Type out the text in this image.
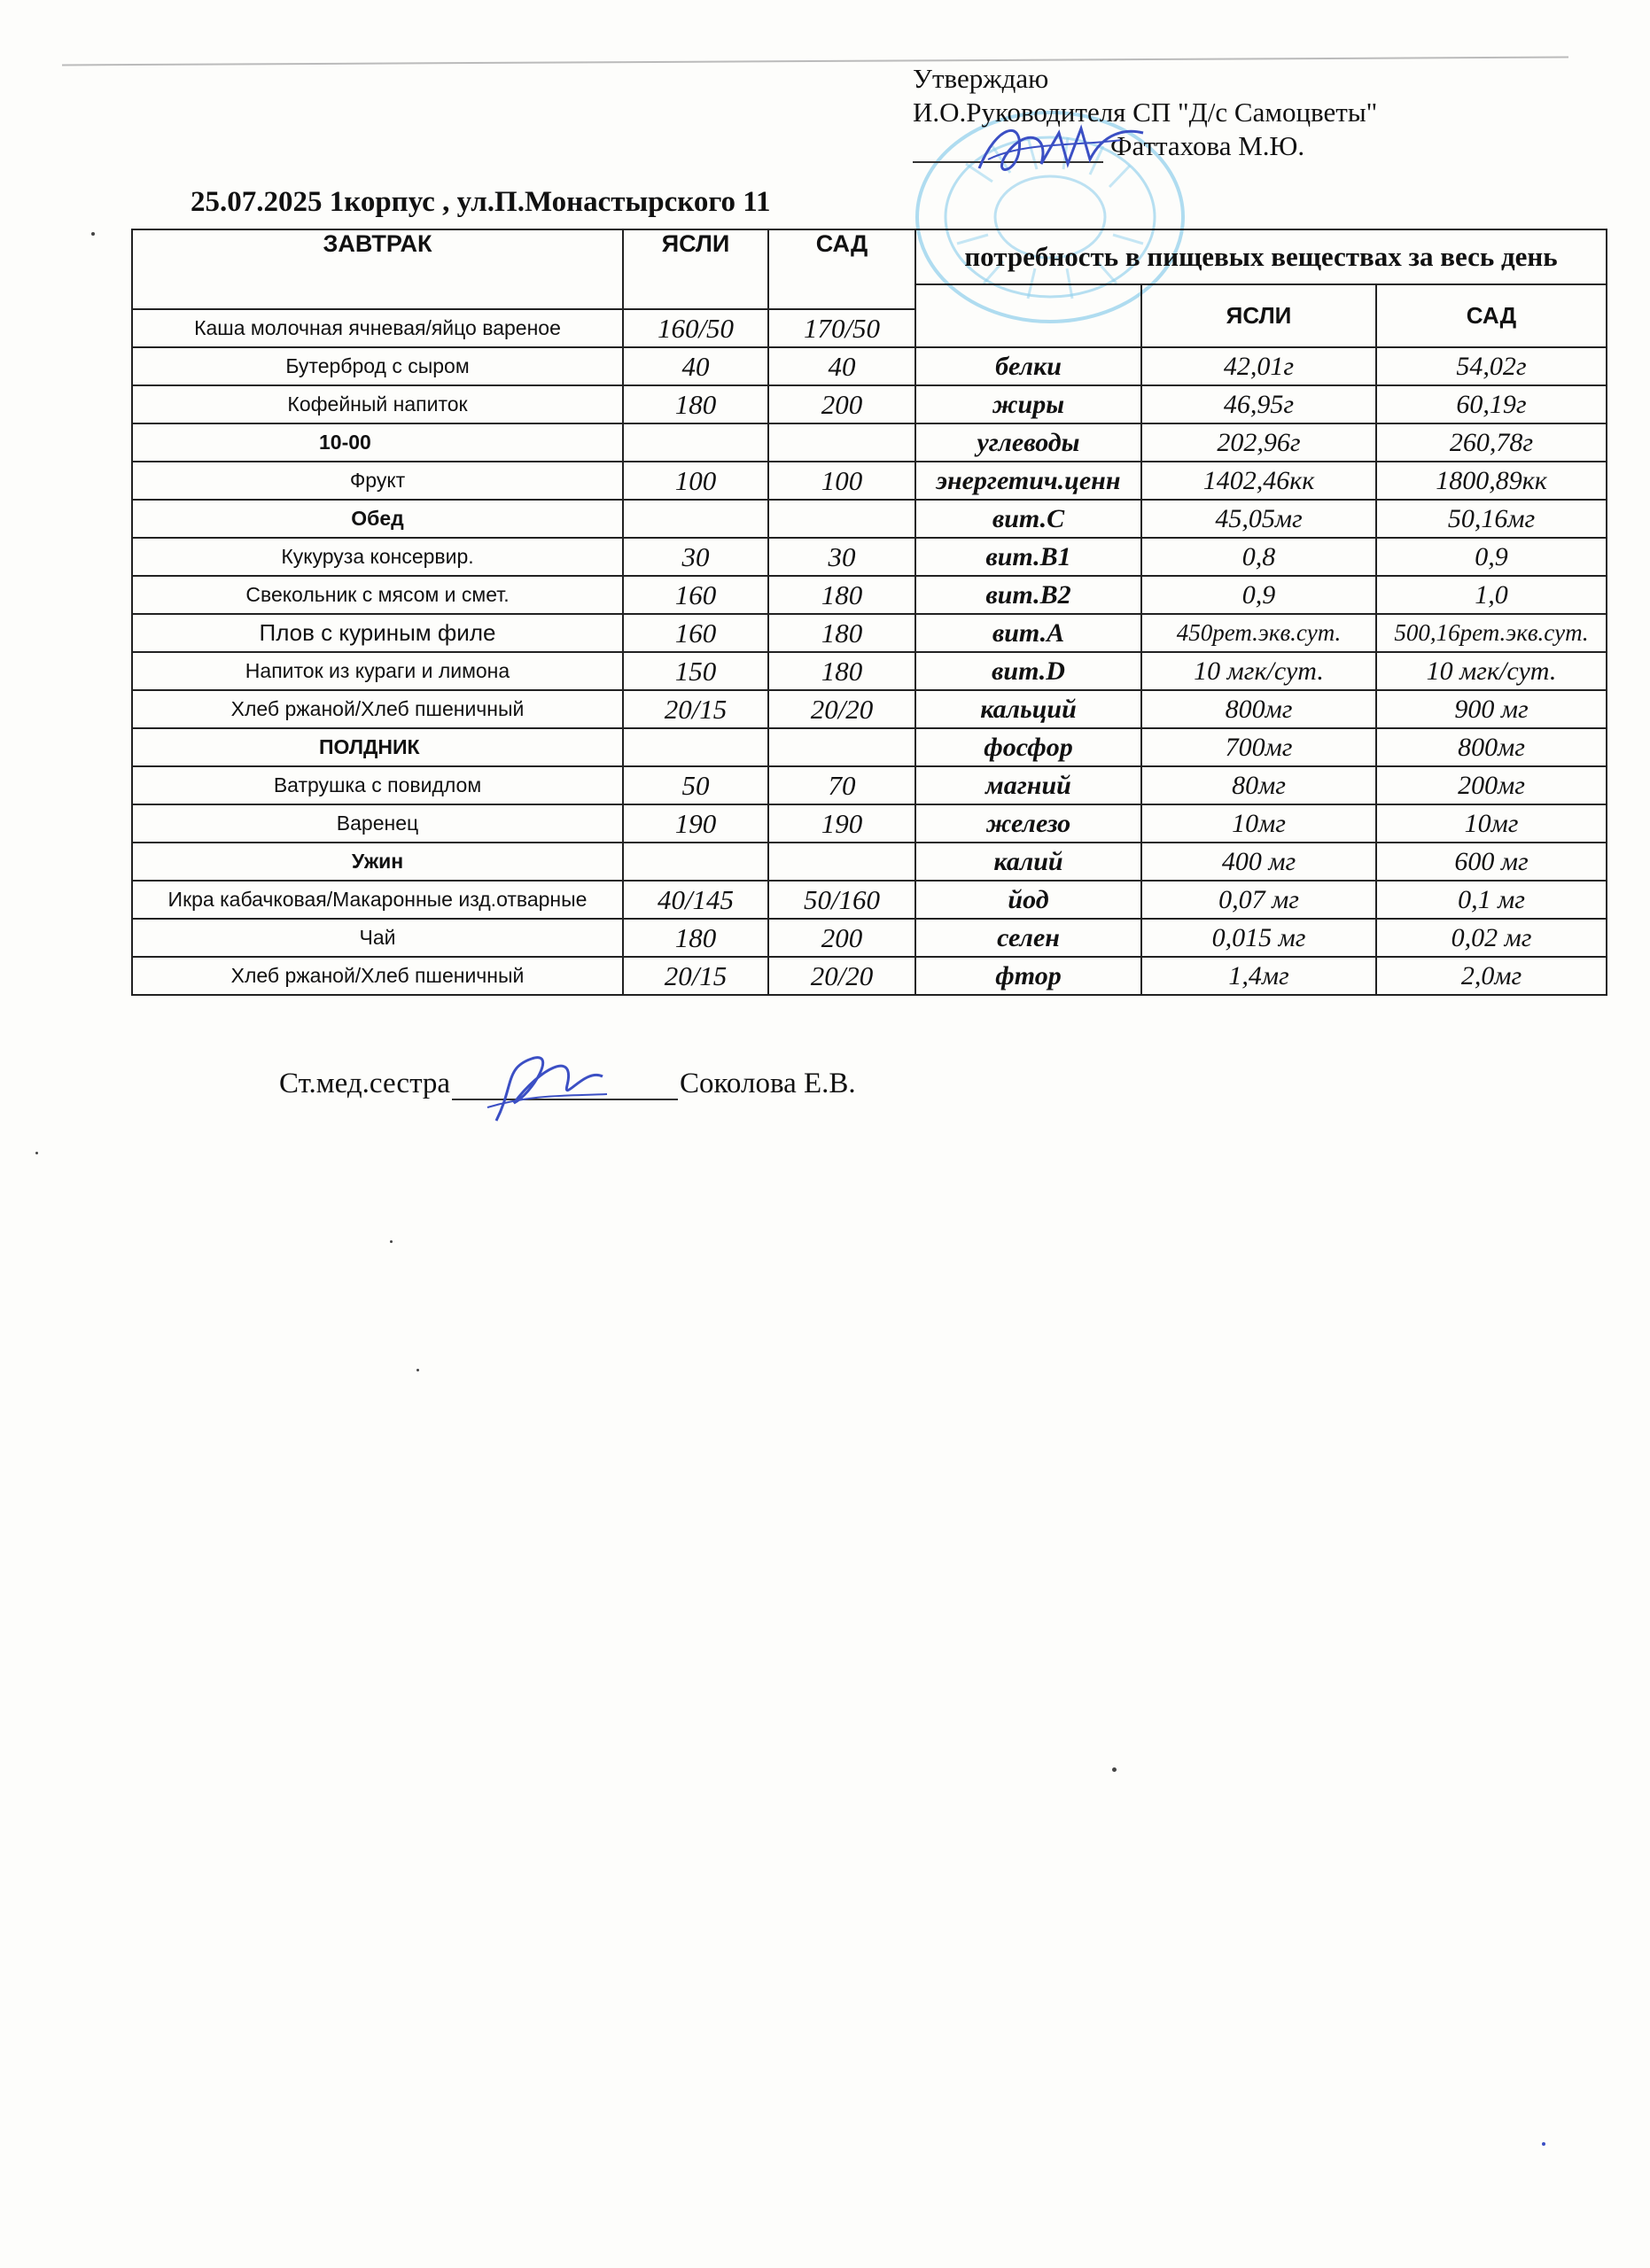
Утверждаю
И.О.Руководителя СП "Д/с Самоцветы"
Фаттахова М.Ю.
25.07.2025 1корпус , ул.П.Монастырского 11
ЗАВТРАК	ЯСЛИ	САД	потребность в пищевых веществах за весь день		
				ЯСЛИ	САД
Каша молочная ячневая/яйцо вареное	160/50	170/50			
Бутерброд с сыром	40	40	белки	42,01г	54,02г
Кофейный напиток	180	200	жиры	46,95г	60,19г
10-00			углеводы	202,96г	260,78г
Фрукт	100	100	энергетич.ценн	1402,46кк	1800,89кк
Обед			вит.С	45,05мг	50,16мг
Кукуруза консервир.	30	30	вит.В1	0,8	0,9
Свекольник с мясом и смет.	160	180	вит.В2	0,9	1,0
Плов с куриным филе	160	180	вит.А	450рет.экв.сут.	500,16рет.экв.сут.
Напиток из кураги и лимона	150	180	вит.D	10 мгк/сут.	10 мгк/сут.
Хлеб ржаной/Хлеб пшеничный	20/15	20/20	кальций	800мг	900 мг
ПОЛДНИК			фосфор	700мг	800мг
Ватрушка с повидлом	50	70	магний	80мг	200мг
Варенец	190	190	железо	10мг	10мг
Ужин			калий	400 мг	600 мг
Икра кабачковая/Макаронные изд.отварные	40/145	50/160	йод	0,07 мг	0,1 мг
Чай	180	200	селен	0,015 мг	0,02 мг
Хлеб ржаной/Хлеб пшеничный	20/15	20/20	фтор	1,4мг	2,0мг
Ст.мед.сестра	Соколова Е.В.
